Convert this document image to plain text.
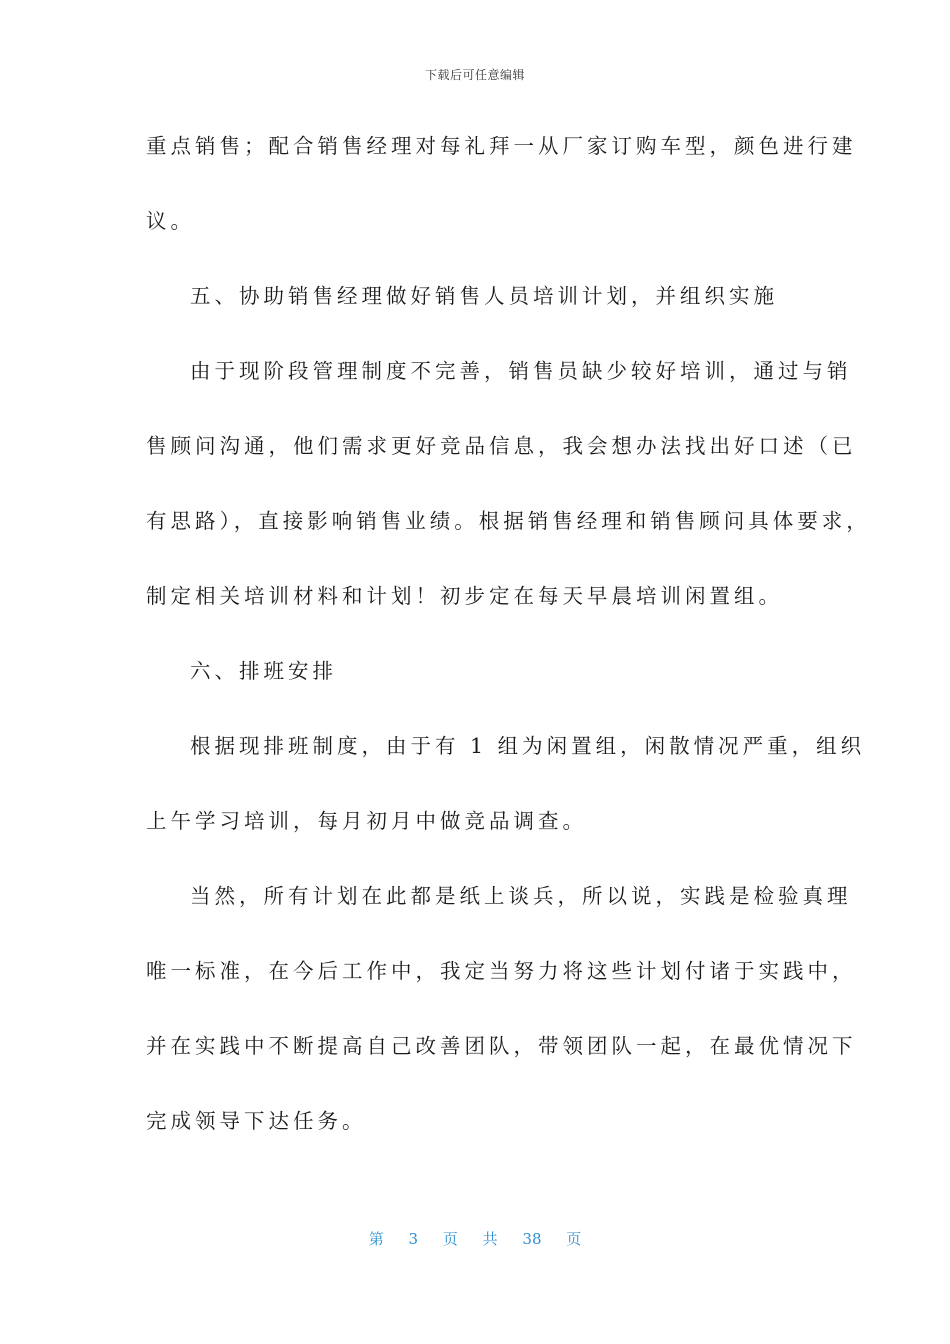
下载后可任意编辑
重点销售；配合销售经理对每礼拜一从厂家订购车型，颜色进行建
议。
五、协助销售经理做好销售人员培训计划，并组织实施
由于现阶段管理制度不完善，销售员缺少较好培训，通过与销
售顾问沟通，他们需求更好竞品信息，我会想办法找出好口述（已
有思路），直接影响销售业绩。根据销售经理和销售顾问具体要求，
制定相关培训材料和计划！初步定在每天早晨培训闲置组。
六、排班安排
根据现排班制度，由于有 1 组为闲置组，闲散情况严重，组织
上午学习培训，每月初月中做竞品调查。
当然，所有计划在此都是纸上谈兵，所以说，实践是检验真理
唯一标准，在今后工作中，我定当努力将这些计划付诸于实践中，
并在实践中不断提高自己改善团队，带领团队一起，在最优情况下
完成领导下达任务。
第 3 页 共 38 页
